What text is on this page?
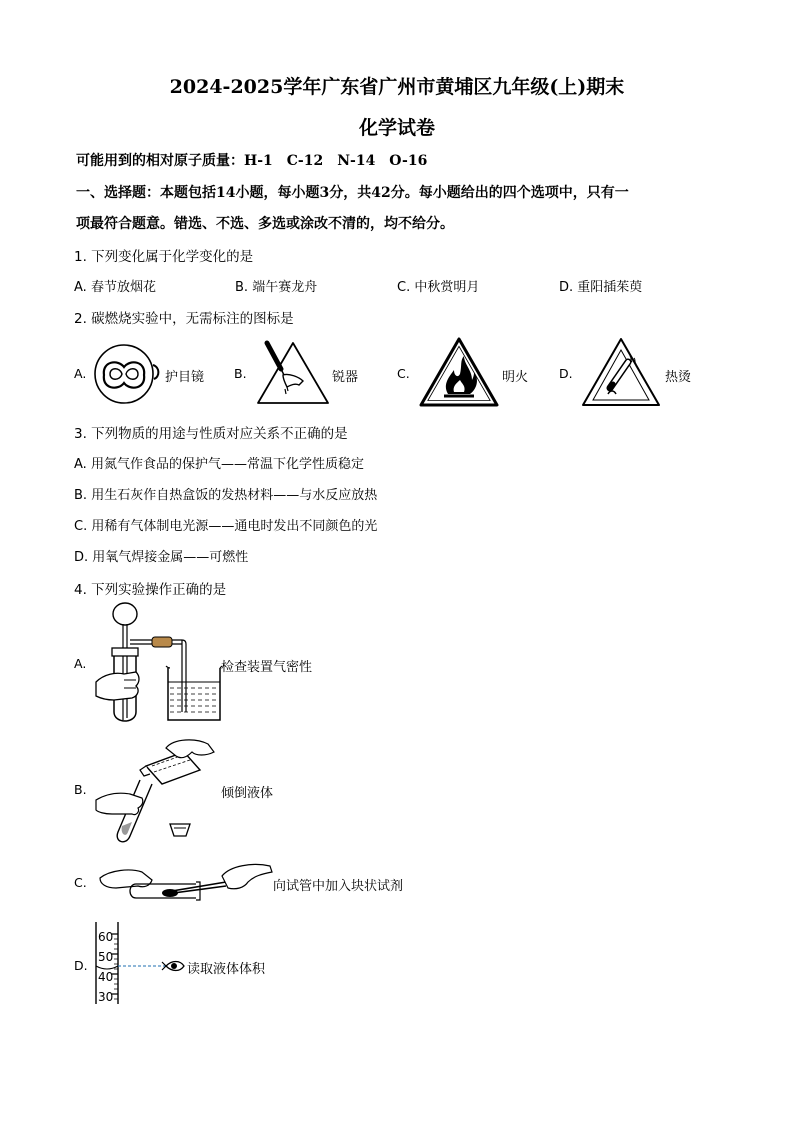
2024-2025学年广东省广州市黄埔区九年级(上)期末
化学试卷
可能用到的相对原子质量：H-1　C-12　N-14　O-16
一、选择题：本题包括14小题，每小题3分，共42分。每小题给出的四个选项中，只有一
项最符合题意。错选、不选、多选或涂改不清的，均不给分。
1. 下列变化属于化学变化的是
A. 春节放烟花	B. 端午赛龙舟	C. 中秋赏明月	D. 重阳插茱萸
2. 碳燃烧实验中，无需标注的图标是
A.	护目镜 B.	锐器	C.	明火 D.	热烫
3. 下列物质的用途与性质对应关系不正确的是
A. 用氮气作食品的保护气——常温下化学性质稳定
B. 用生石灰作自热盒饭的发热材料——与水反应放热
C. 用稀有气体制电光源——通电时发出不同颜色的光
D. 用氧气焊接金属——可燃性
4. 下列实验操作正确的是
A.	检查装置气密性
B.	倾倒液体
C.	向试管中加入块状试剂
D.
60
50
40
30
读取液体体积
